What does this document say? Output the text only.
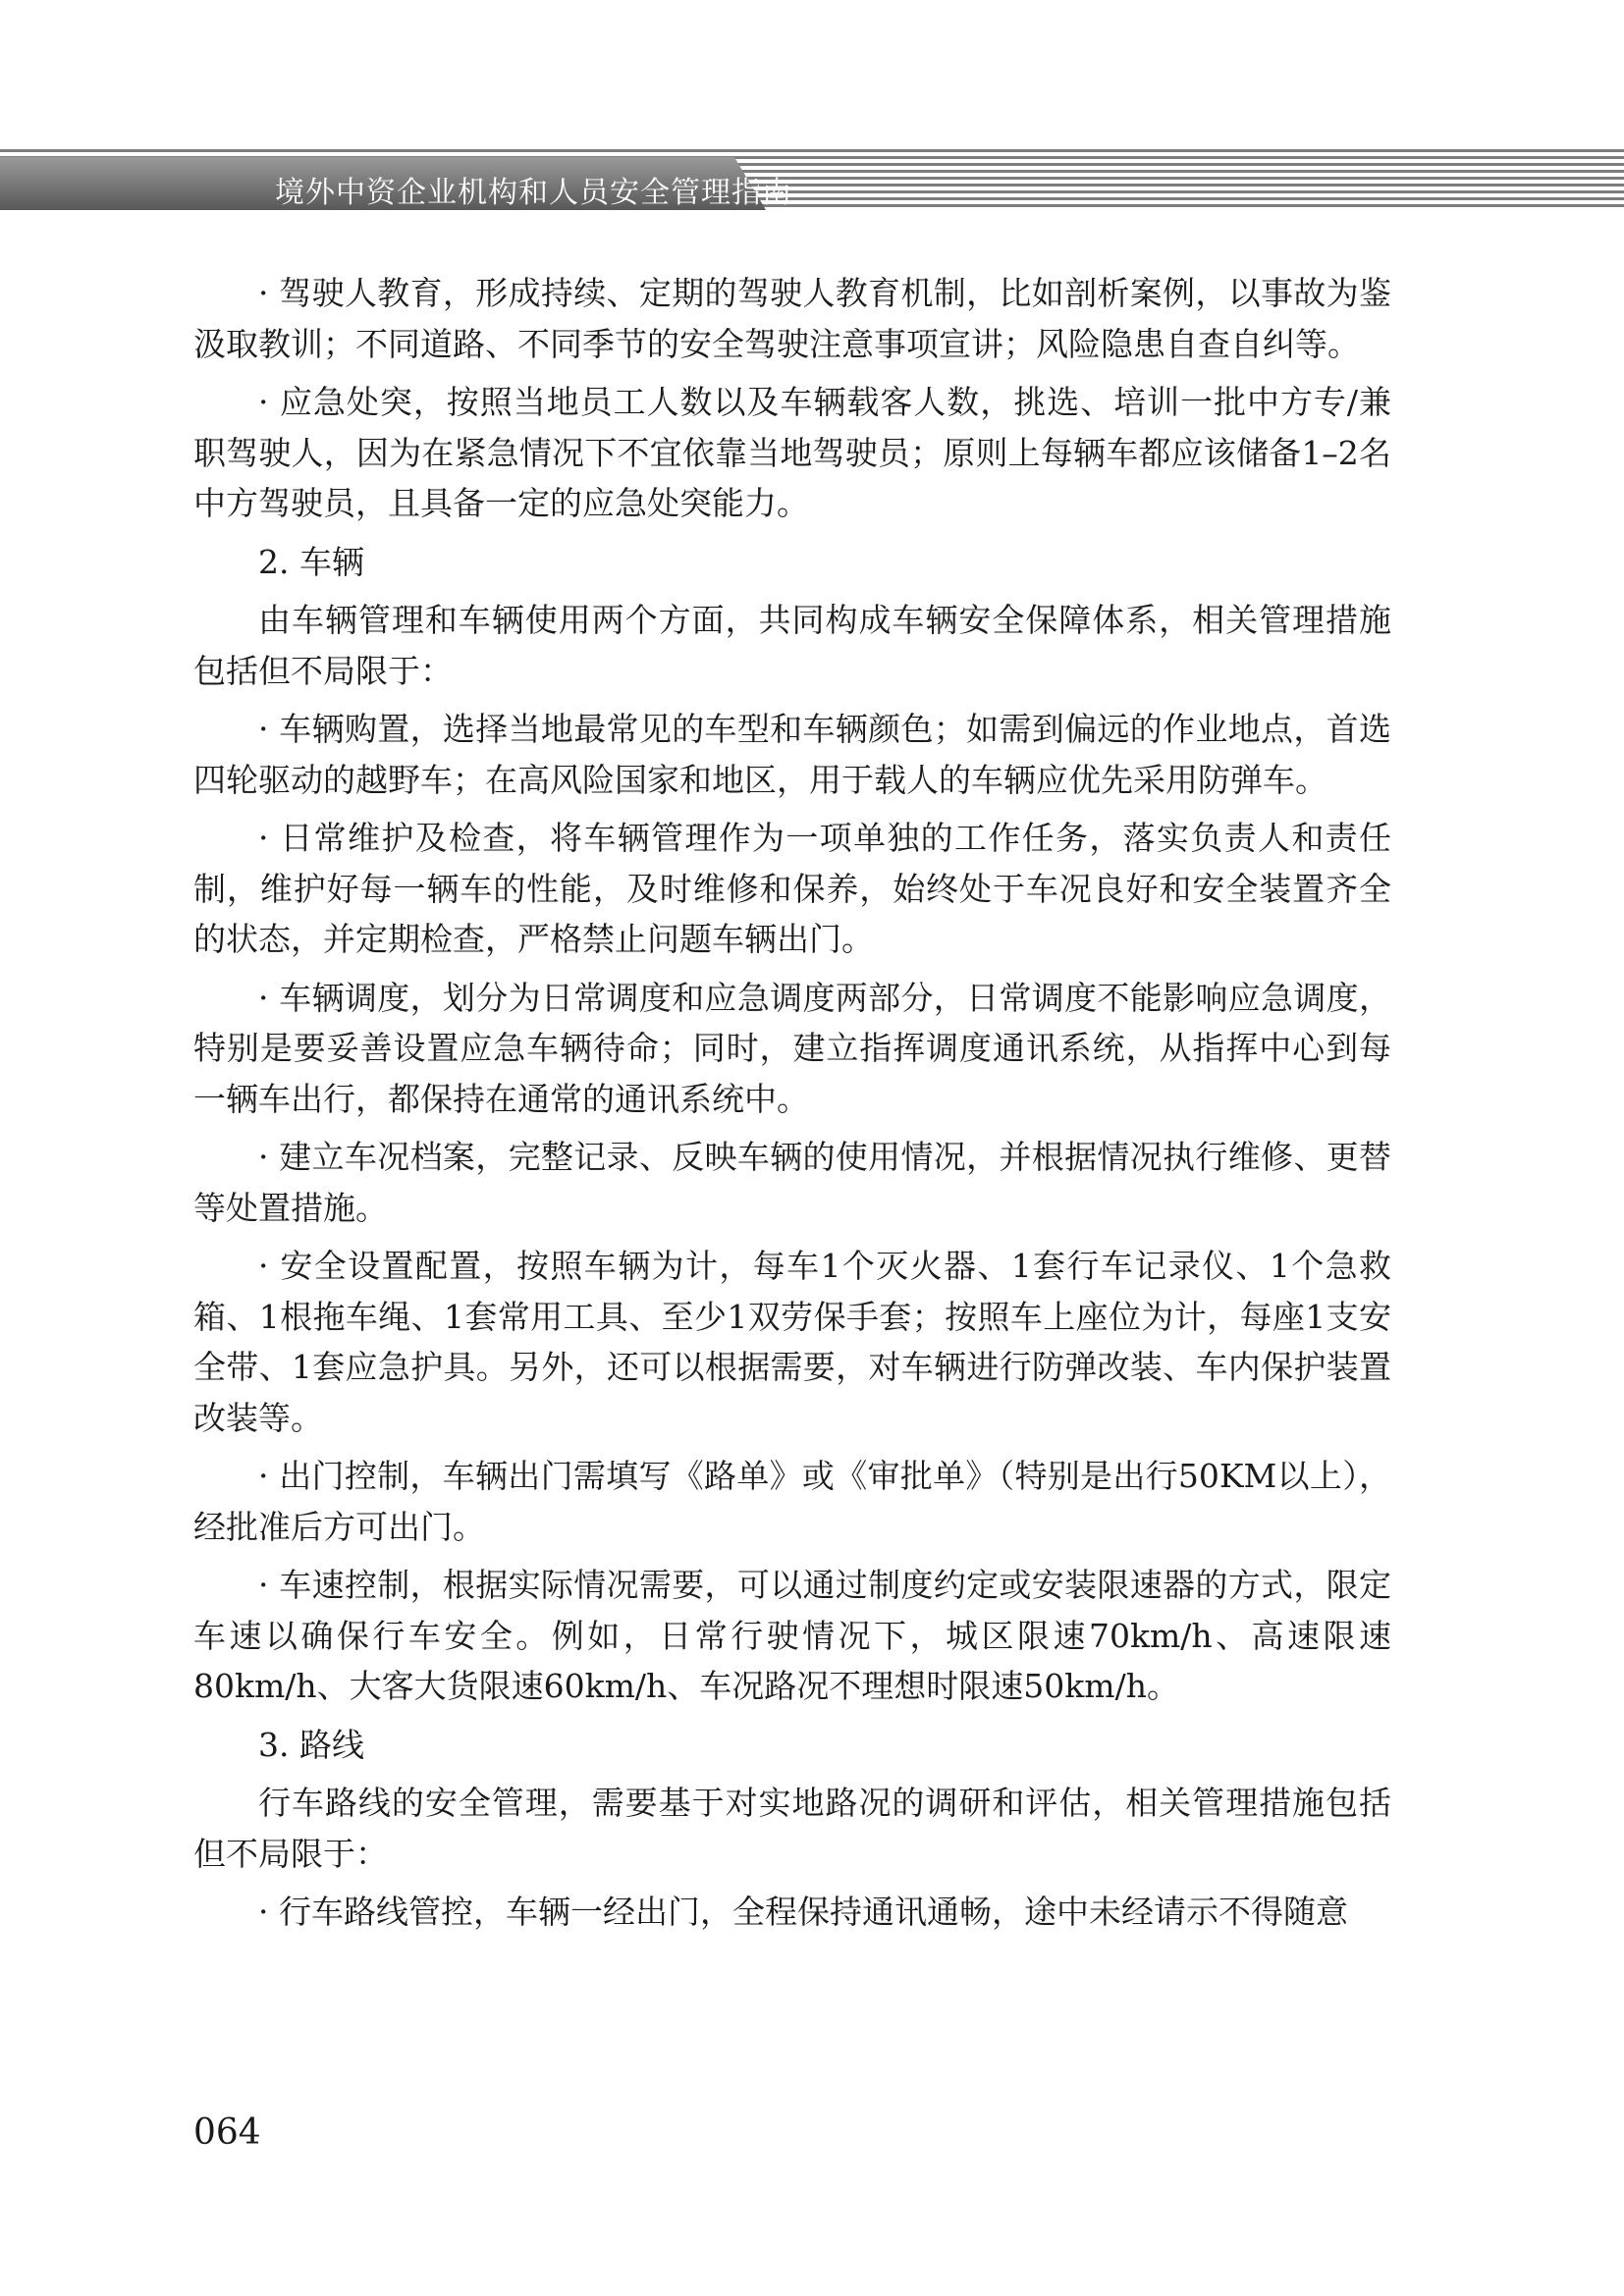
境外中资企业机构和人员安全管理指南

· 驾驶人教育，形成持续、定期的驾驶人教育机制，比如剖析案例，以事故为鉴汲取教训；不同道路、不同季节的安全驾驶注意事项宣讲；风险隐患自查自纠等。

· 应急处突，按照当地员工人数以及车辆载客人数，挑选、培训一批中方专/兼职驾驶人，因为在紧急情况下不宜依靠当地驾驶员；原则上每辆车都应该储备1–2名中方驾驶员，且具备一定的应急处突能力。

2. 车辆

由车辆管理和车辆使用两个方面，共同构成车辆安全保障体系，相关管理措施包括但不局限于：

· 车辆购置，选择当地最常见的车型和车辆颜色；如需到偏远的作业地点，首选四轮驱动的越野车；在高风险国家和地区，用于载人的车辆应优先采用防弹车。

· 日常维护及检查，将车辆管理作为一项单独的工作任务，落实负责人和责任制，维护好每一辆车的性能，及时维修和保养，始终处于车况良好和安全装置齐全的状态，并定期检查，严格禁止问题车辆出门。

· 车辆调度，划分为日常调度和应急调度两部分，日常调度不能影响应急调度，特别是要妥善设置应急车辆待命；同时，建立指挥调度通讯系统，从指挥中心到每一辆车出行，都保持在通常的通讯系统中。

· 建立车况档案，完整记录、反映车辆的使用情况，并根据情况执行维修、更替等处置措施。

· 安全设置配置，按照车辆为计，每车1个灭火器、1套行车记录仪、1个急救箱、1根拖车绳、1套常用工具、至少1双劳保手套；按照车上座位为计，每座1支安全带、1套应急护具。另外，还可以根据需要，对车辆进行防弹改装、车内保护装置改装等。

· 出门控制，车辆出门需填写《路单》或《审批单》（特别是出行50KM以上），经批准后方可出门。

· 车速控制，根据实际情况需要，可以通过制度约定或安装限速器的方式，限定车速以确保行车安全。例如，日常行驶情况下，城区限速70km/h、高速限速80km/h、大客大货限速60km/h、车况路况不理想时限速50km/h。

3. 路线

行车路线的安全管理，需要基于对实地路况的调研和评估，相关管理措施包括但不局限于：

· 行车路线管控，车辆一经出门，全程保持通讯通畅，途中未经请示不得随意

064
